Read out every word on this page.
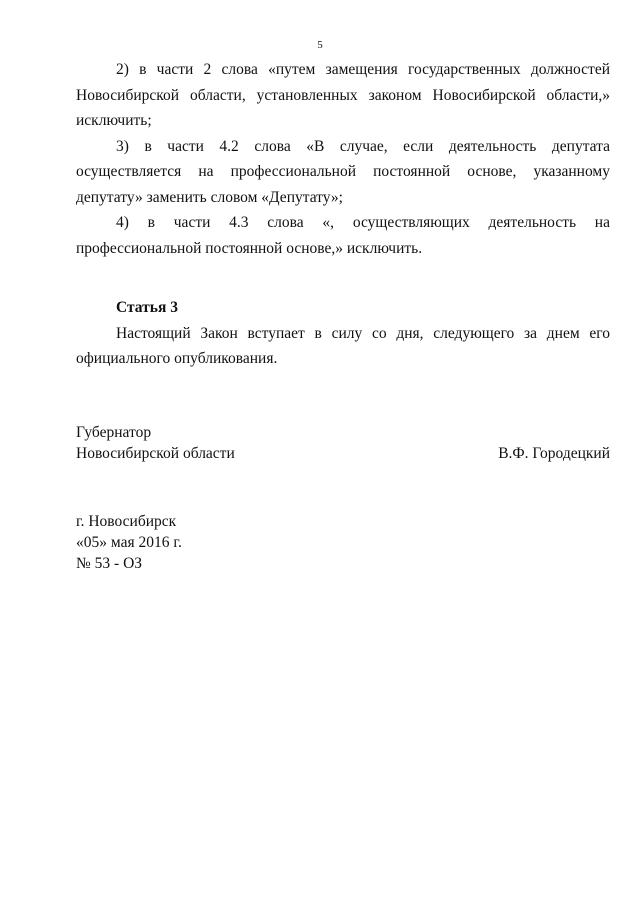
5

2) в части 2 слова «путем замещения государственных должностей Новосибирской области, установленных законом Новосибирской области,» исключить;

3) в части 4.2 слова «В случае, если деятельность депутата осуществляется на профессиональной постоянной основе, указанному депутату» заменить словом «Депутату»;

4) в части 4.3 слова «, осуществляющих деятельность на профессиональной постоянной основе,» исключить.

Статья 3

Настоящий Закон вступает в силу со дня, следующего за днем его официального опубликования.

Губернатор
Новосибирской области	В.Ф. Городецкий
г. Новосибирск
«05» мая 2016 г.
№ 53 - ОЗ
